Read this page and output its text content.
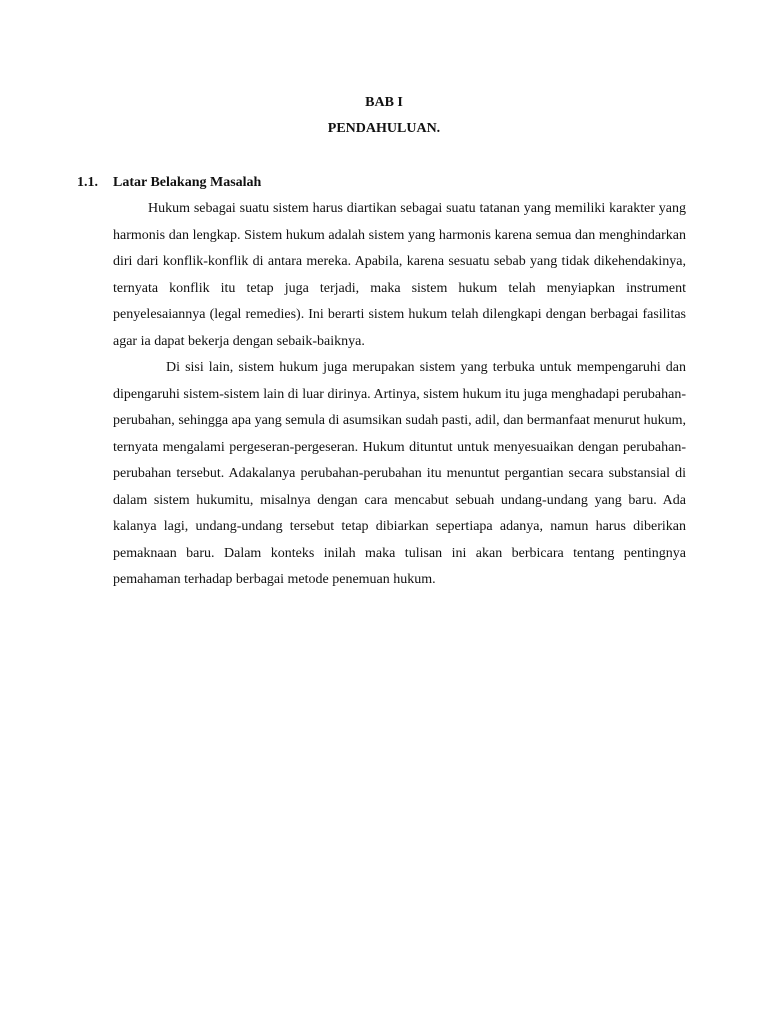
BAB I
PENDAHULUAN.
1.1. Latar Belakang Masalah

Hukum sebagai suatu sistem harus diartikan sebagai suatu tatanan yang memiliki karakter yang harmonis dan lengkap. Sistem hukum adalah sistem yang harmonis karena semua dan menghindarkan diri dari konflik-konflik di antara mereka. Apabila, karena sesuatu sebab yang tidak dikehendakinya, ternyata konflik itu tetap juga terjadi, maka sistem hukum telah menyiapkan instrument penyelesaiannya (legal remedies). Ini berarti sistem hukum telah dilengkapi dengan berbagai fasilitas agar ia dapat bekerja dengan sebaik-baiknya.

Di sisi lain, sistem hukum juga merupakan sistem yang terbuka untuk mempengaruhi dan dipengaruhi sistem-sistem lain di luar dirinya. Artinya, sistem hukum itu juga menghadapi perubahan-perubahan, sehingga apa yang semula di asumsikan sudah pasti, adil, dan bermanfaat menurut hukum, ternyata mengalami pergeseran-pergeseran. Hukum dituntut untuk menyesuaikan dengan perubahan-perubahan tersebut. Adakalanya perubahan-perubahan itu menuntut pergantian secara substansial di dalam sistem hukumitu, misalnya dengan cara mencabut sebuah undang-undang yang baru. Ada kalanya lagi, undang-undang tersebut tetap dibiarkan sepertiapa adanya, namun harus diberikan pemaknaan baru. Dalam konteks inilah maka tulisan ini akan berbicara tentang pentingnya pemahaman terhadap berbagai metode penemuan hukum.
